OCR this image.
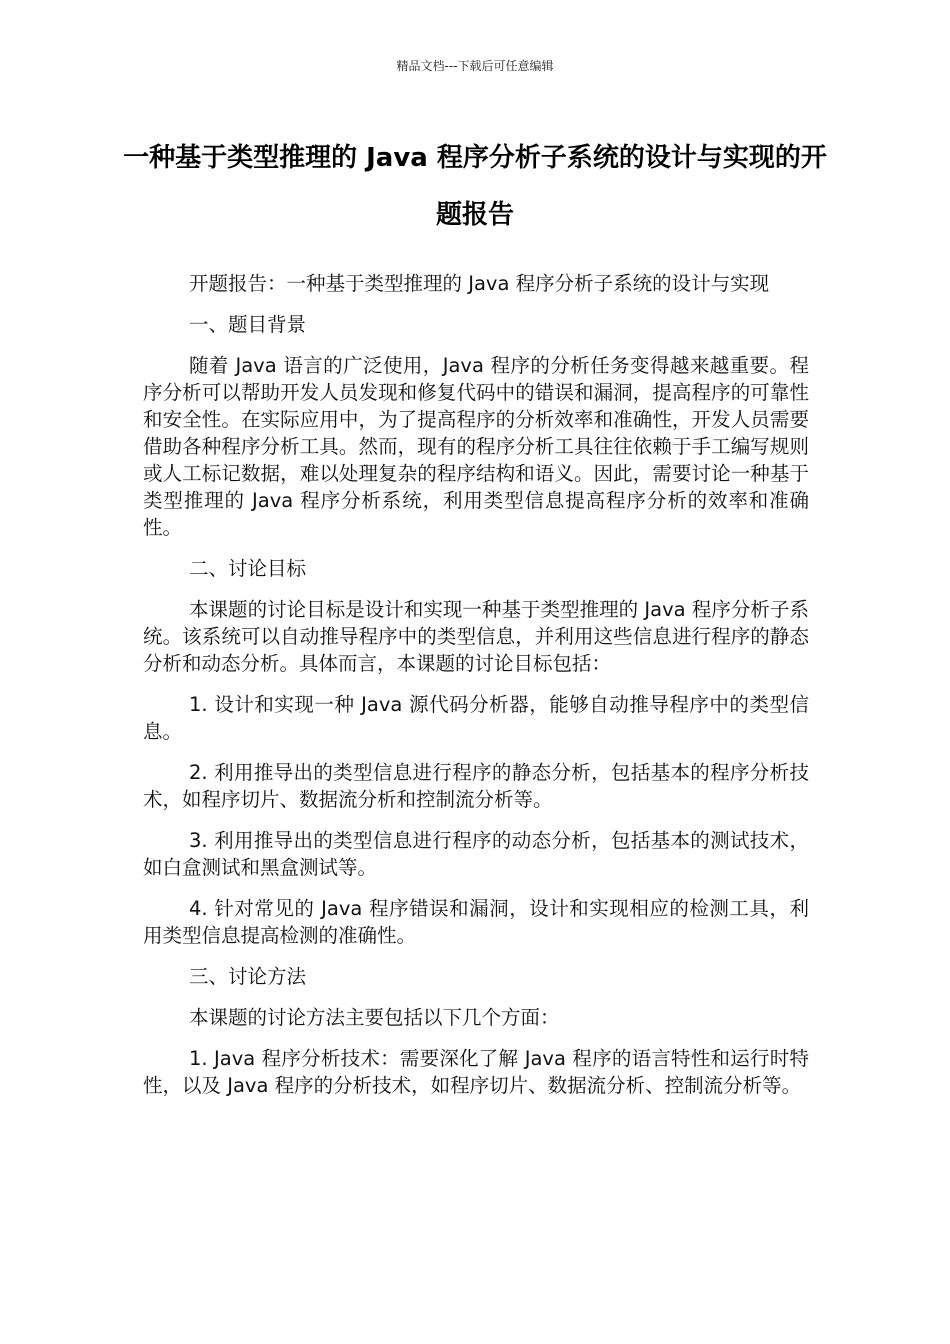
精品文档---下载后可任意编辑
一种基于类型推理的 Java 程序分析子系统的设计与实现的开题报告

开题报告：一种基于类型推理的 Java 程序分析子系统的设计与实现

一、题目背景

随着 Java 语言的广泛使用，Java 程序的分析任务变得越来越重要。程序分析可以帮助开发人员发现和修复代码中的错误和漏洞，提高程序的可靠性和安全性。在实际应用中，为了提高程序的分析效率和准确性，开发人员需要借助各种程序分析工具。然而，现有的程序分析工具往往依赖于手工编写规则或人工标记数据，难以处理复杂的程序结构和语义。因此，需要讨论一种基于类型推理的 Java 程序分析系统，利用类型信息提高程序分析的效率和准确性。

二、讨论目标

本课题的讨论目标是设计和实现一种基于类型推理的 Java 程序分析子系统。该系统可以自动推导程序中的类型信息，并利用这些信息进行程序的静态分析和动态分析。具体而言，本课题的讨论目标包括：

1. 设计和实现一种 Java 源代码分析器，能够自动推导程序中的类型信息。

2. 利用推导出的类型信息进行程序的静态分析，包括基本的程序分析技术，如程序切片、数据流分析和控制流分析等。

3. 利用推导出的类型信息进行程序的动态分析，包括基本的测试技术，如白盒测试和黑盒测试等。

4. 针对常见的 Java 程序错误和漏洞，设计和实现相应的检测工具，利用类型信息提高检测的准确性。

三、讨论方法

本课题的讨论方法主要包括以下几个方面：

1. Java 程序分析技术：需要深化了解 Java 程序的语言特性和运行时特性，以及 Java 程序的分析技术，如程序切片、数据流分析、控制流分析等。
